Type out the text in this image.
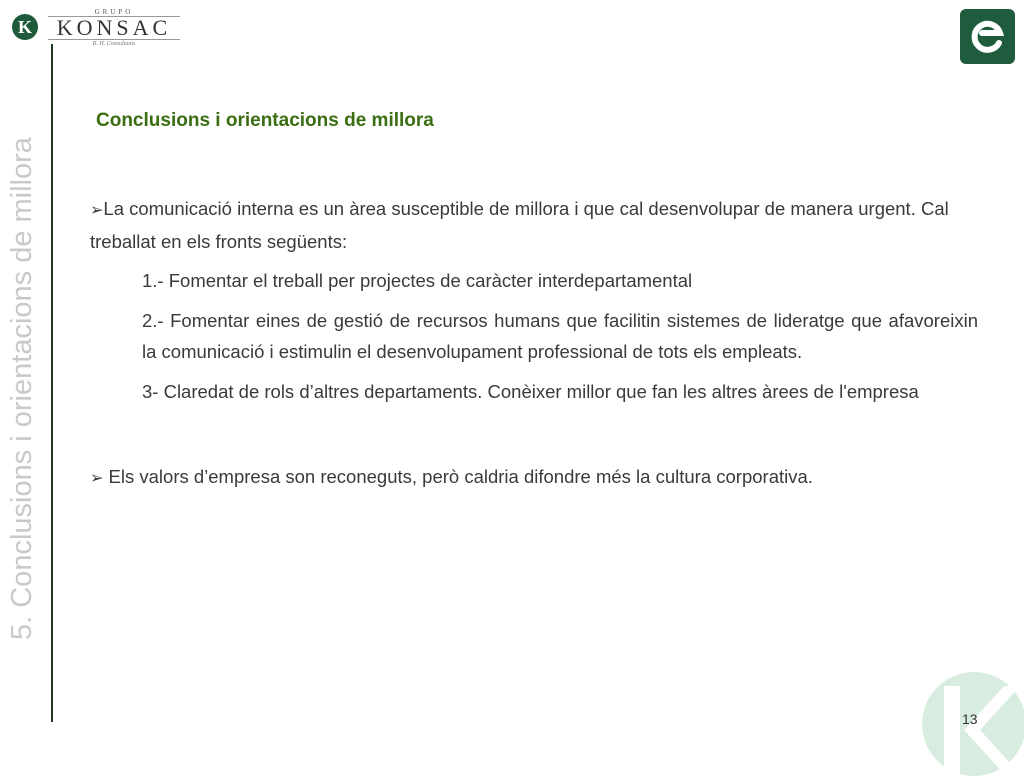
K
GRUPO
KONSAC
R. H. Consultants
5. Conclusions i orientacions de millora
Conclusions i orientacions de millora

➢La comunicació interna es un àrea susceptible de millora i que cal desenvolupar de manera urgent. Cal treballat en els fronts següents:

1.- Fomentar el treball per projectes de caràcter interdepartamental

2.- Fomentar eines de gestió de recursos humans que facilitin sistemes de lideratge que afavoreixin la comunicació i estimulin el desenvolupament professional de tots els empleats.

3- Claredat de rols d’altres departaments. Conèixer millor que fan les altres àrees de l'empresa

➢ Els valors d’empresa son reconeguts, però caldria difondre més la cultura corporativa.

13
